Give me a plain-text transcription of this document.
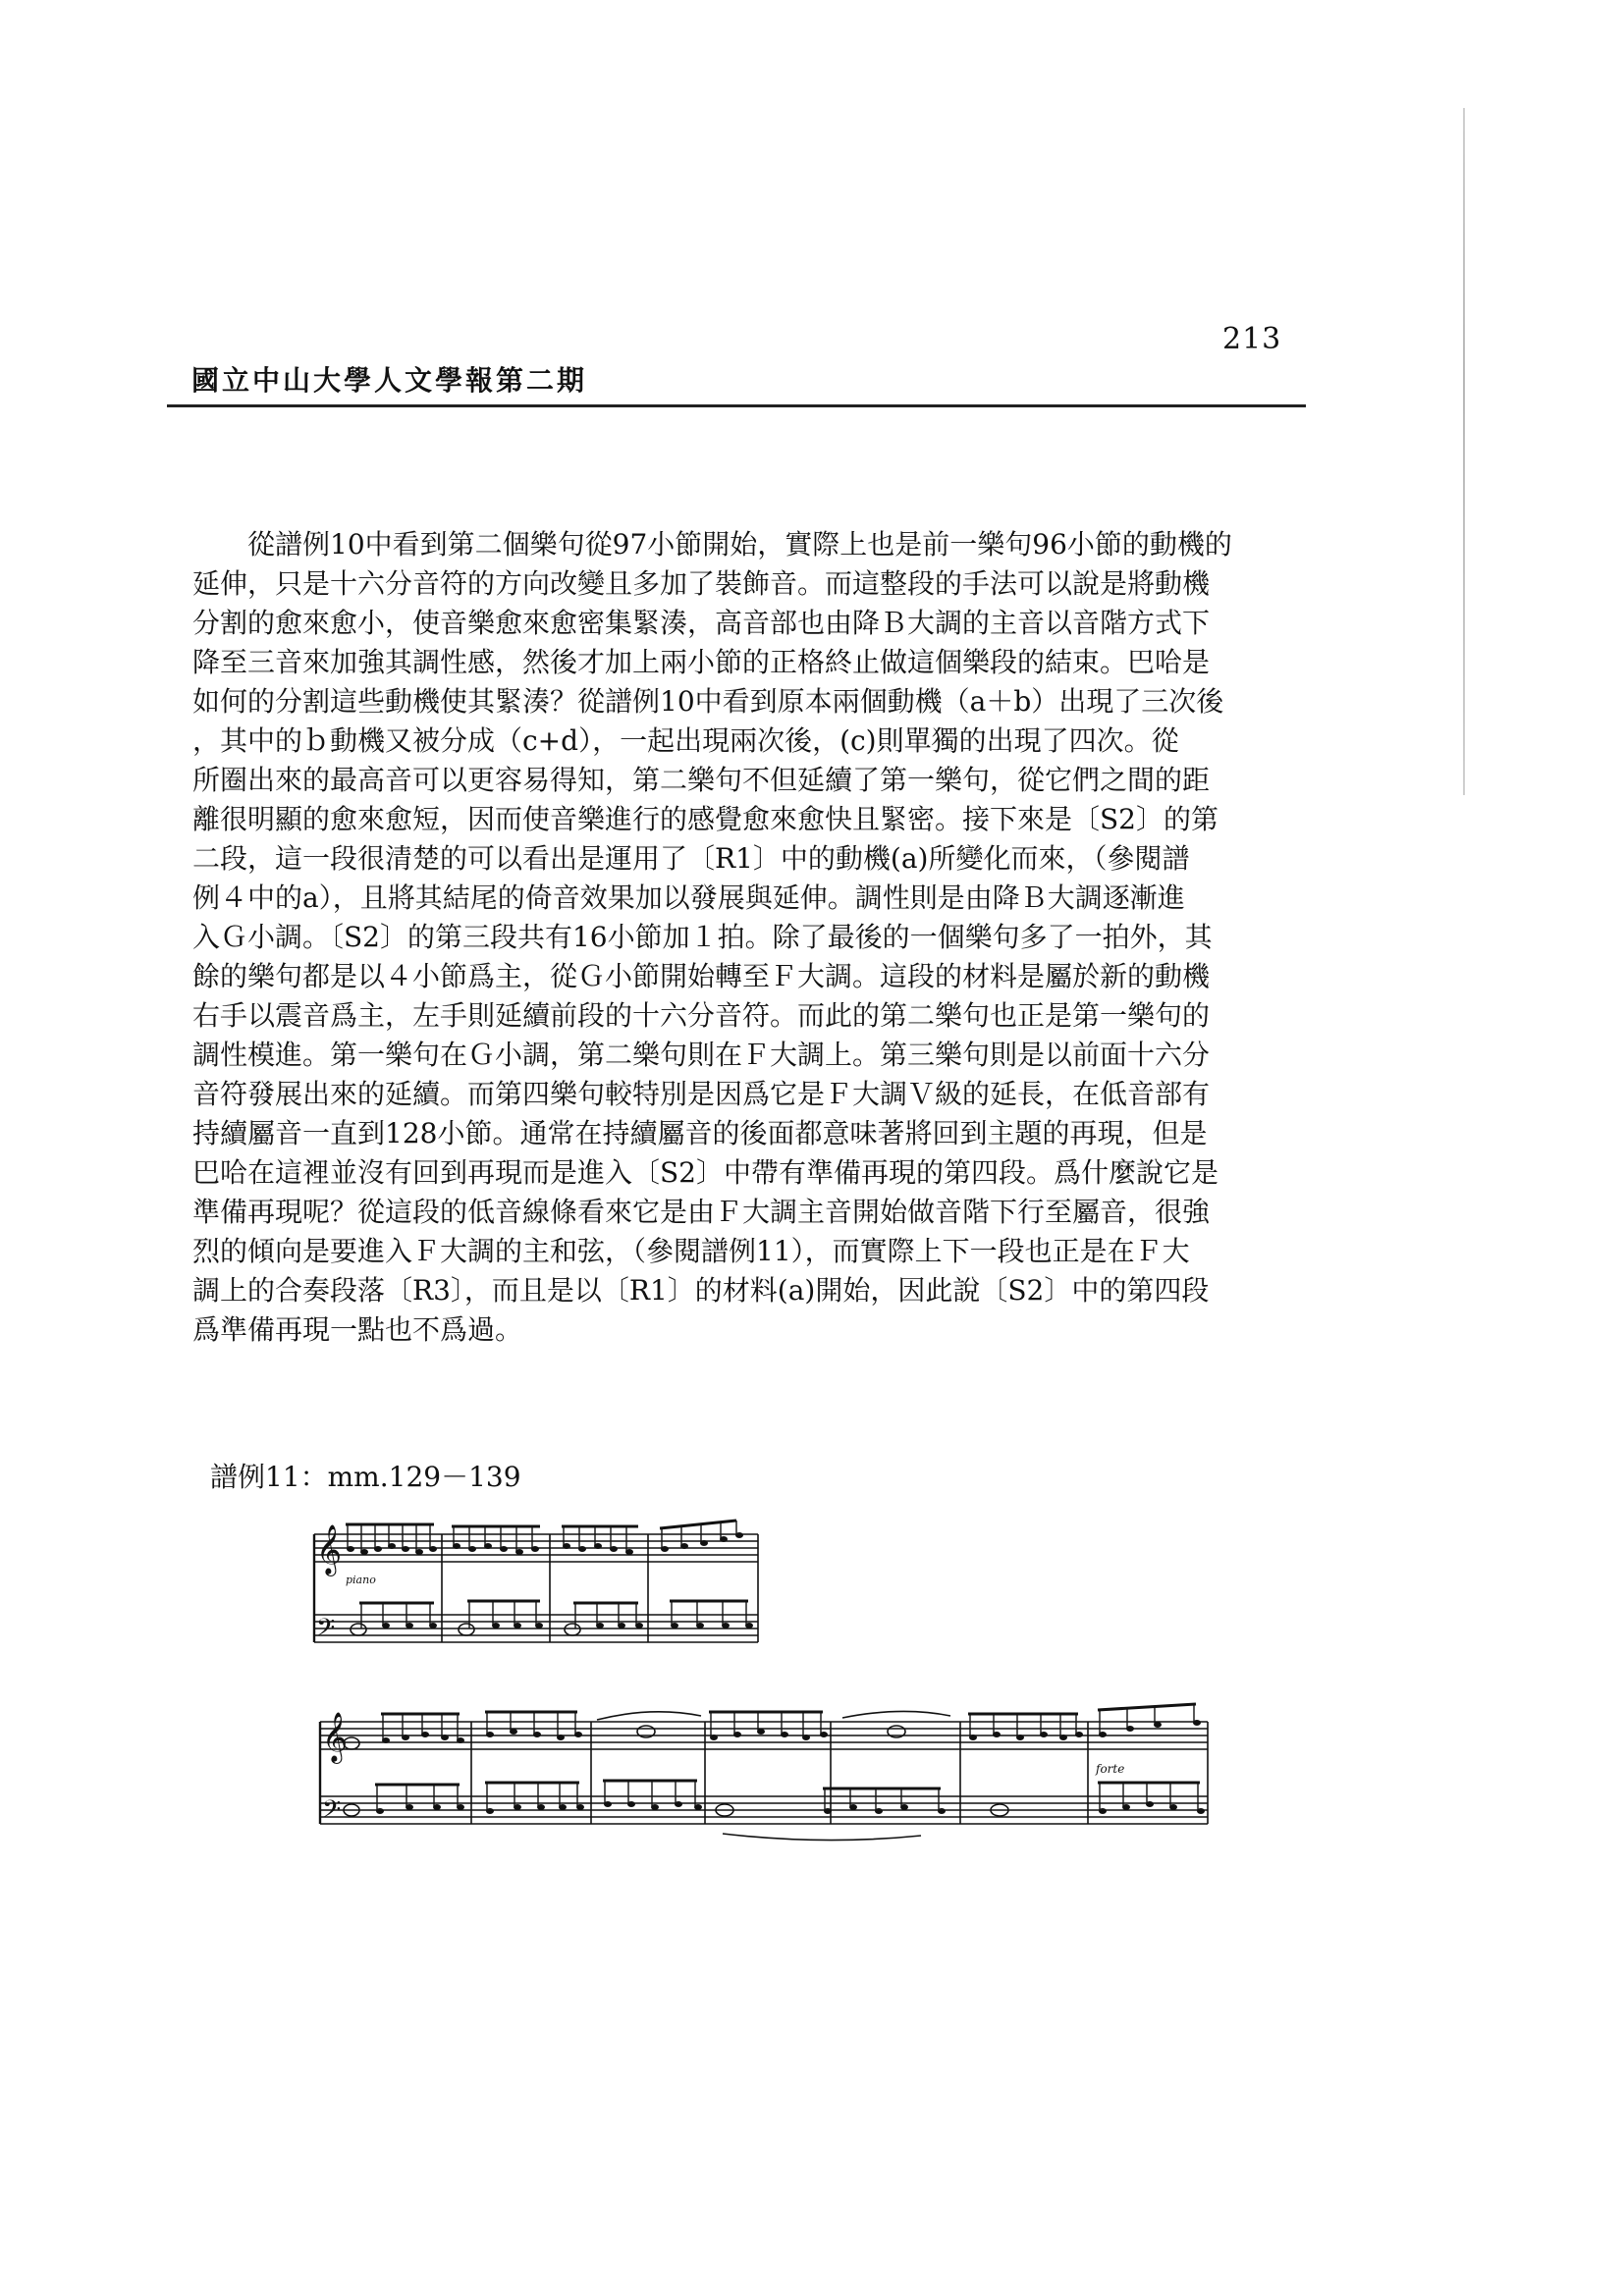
213
國立中山大學人文學報第二期
從譜例10中看到第二個樂句從97小節開始，實際上也是前一樂句96小節的動機的
延伸，只是十六分音符的方向改變且多加了裝飾音。而這整段的手法可以說是將動機
分割的愈來愈小，使音樂愈來愈密集緊湊，高音部也由降Ｂ大調的主音以音階方式下
降至三音來加強其調性感，然後才加上兩小節的正格終止做這個樂段的結束。巴哈是
如何的分割這些動機使其緊湊？從譜例10中看到原本兩個動機（a＋b）出現了三次後
，其中的ｂ動機又被分成（c+d），一起出現兩次後，(c)則單獨的出現了四次。從
所圈出來的最高音可以更容易得知，第二樂句不但延續了第一樂句，從它們之間的距
離很明顯的愈來愈短，因而使音樂進行的感覺愈來愈快且緊密。接下來是〔S2〕的第
二段，這一段很清楚的可以看出是運用了〔R1〕中的動機(a)所變化而來，（參閱譜
例４中的a），且將其結尾的倚音效果加以發展與延伸。調性則是由降Ｂ大調逐漸進
入Ｇ小調。〔S2〕的第三段共有16小節加１拍。除了最後的一個樂句多了一拍外，其
餘的樂句都是以４小節爲主，從Ｇ小節開始轉至Ｆ大調。這段的材料是屬於新的動機
右手以震音爲主，左手則延續前段的十六分音符。而此的第二樂句也正是第一樂句的
調性模進。第一樂句在Ｇ小調，第二樂句則在Ｆ大調上。第三樂句則是以前面十六分
音符發展出來的延續。而第四樂句較特別是因爲它是Ｆ大調Ｖ級的延長，在低音部有
持續屬音一直到128小節。通常在持續屬音的後面都意味著將回到主題的再現，但是
巴哈在這裡並沒有回到再現而是進入〔S2〕中帶有準備再現的第四段。爲什麼說它是
準備再現呢？從這段的低音線條看來它是由Ｆ大調主音開始做音階下行至屬音，很強
烈的傾向是要進入Ｆ大調的主和弦，（參閱譜例11），而實際上下一段也正是在Ｆ大
調上的合奏段落〔R3〕，而且是以〔R1〕的材料(a)開始，因此說〔S2〕中的第四段
爲準備再現一點也不爲過。
譜例11：mm.129－139
𝄞
𝄢
piano
𝄞
𝄢
forte
